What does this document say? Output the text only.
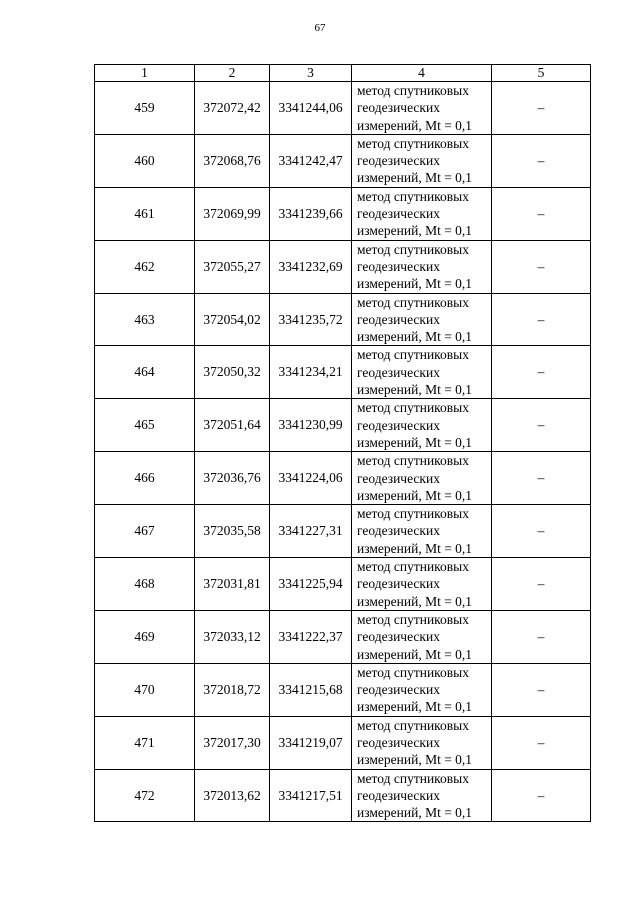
67
1	2	3	4	5
459	372072,42	3341244,06	метод спутниковых
геодезических
измерений, Mt = 0,1	–
460	372068,76	3341242,47	метод спутниковых
геодезических
измерений, Mt = 0,1	–
461	372069,99	3341239,66	метод спутниковых
геодезических
измерений, Mt = 0,1	–
462	372055,27	3341232,69	метод спутниковых
геодезических
измерений, Mt = 0,1	–
463	372054,02	3341235,72	метод спутниковых
геодезических
измерений, Mt = 0,1	–
464	372050,32	3341234,21	метод спутниковых
геодезических
измерений, Mt = 0,1	–
465	372051,64	3341230,99	метод спутниковых
геодезических
измерений, Mt = 0,1	–
466	372036,76	3341224,06	метод спутниковых
геодезических
измерений, Mt = 0,1	–
467	372035,58	3341227,31	метод спутниковых
геодезических
измерений, Mt = 0,1	–
468	372031,81	3341225,94	метод спутниковых
геодезических
измерений, Mt = 0,1	–
469	372033,12	3341222,37	метод спутниковых
геодезических
измерений, Mt = 0,1	–
470	372018,72	3341215,68	метод спутниковых
геодезических
измерений, Mt = 0,1	–
471	372017,30	3341219,07	метод спутниковых
геодезических
измерений, Mt = 0,1	–
472	372013,62	3341217,51	метод спутниковых
геодезических
измерений, Mt = 0,1	–
